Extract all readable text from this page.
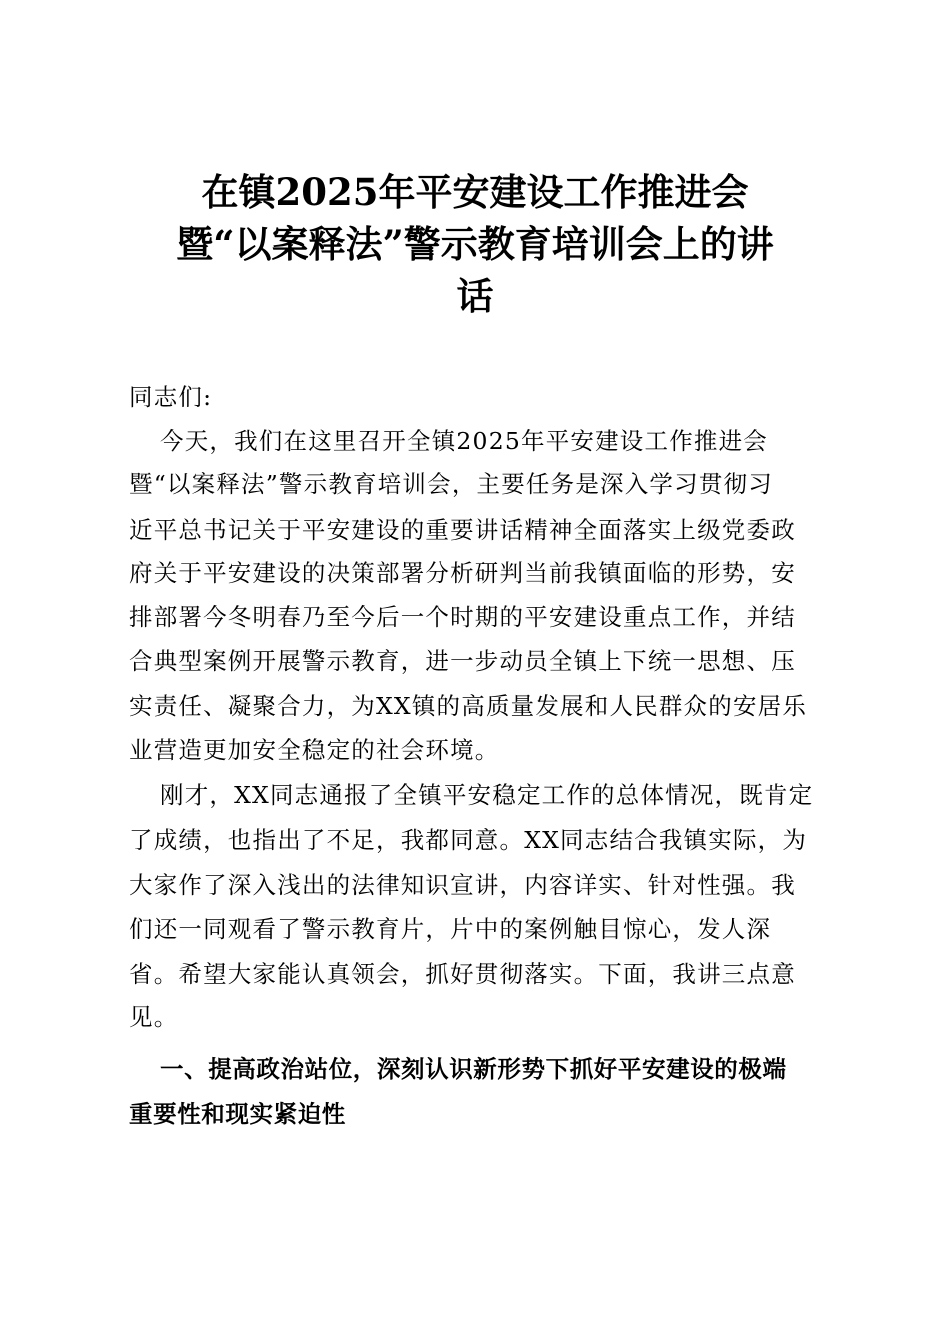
在镇2025年平安建设工作推进会
暨“以案释法”警示教育培训会上的讲
话
同志们:
今天，我们在这里召开全镇2025年平安建设工作推进会
暨“以案释法”警示教育培训会，主要任务是深入学习贯彻习
近平总书记关于平安建设的重要讲话精神全面落实上级党委政
府关于平安建设的决策部署分析研判当前我镇面临的形势，安
排部署今冬明春乃至今后一个时期的平安建设重点工作，并结
合典型案例开展警示教育，进一步动员全镇上下统一思想、压
实责任、凝聚合力，为XX镇的高质量发展和人民群众的安居乐
业营造更加安全稳定的社会环境。
刚才，XX同志通报了全镇平安稳定工作的总体情况，既肯定
了成绩，也指出了不足，我都同意。XX同志结合我镇实际，为
大家作了深入浅出的法律知识宣讲，内容详实、针对性强。我
们还一同观看了警示教育片，片中的案例触目惊心，发人深
省。希望大家能认真领会，抓好贯彻落实。下面，我讲三点意
见。
一、提高政治站位，深刻认识新形势下抓好平安建设的极端
重要性和现实紧迫性
